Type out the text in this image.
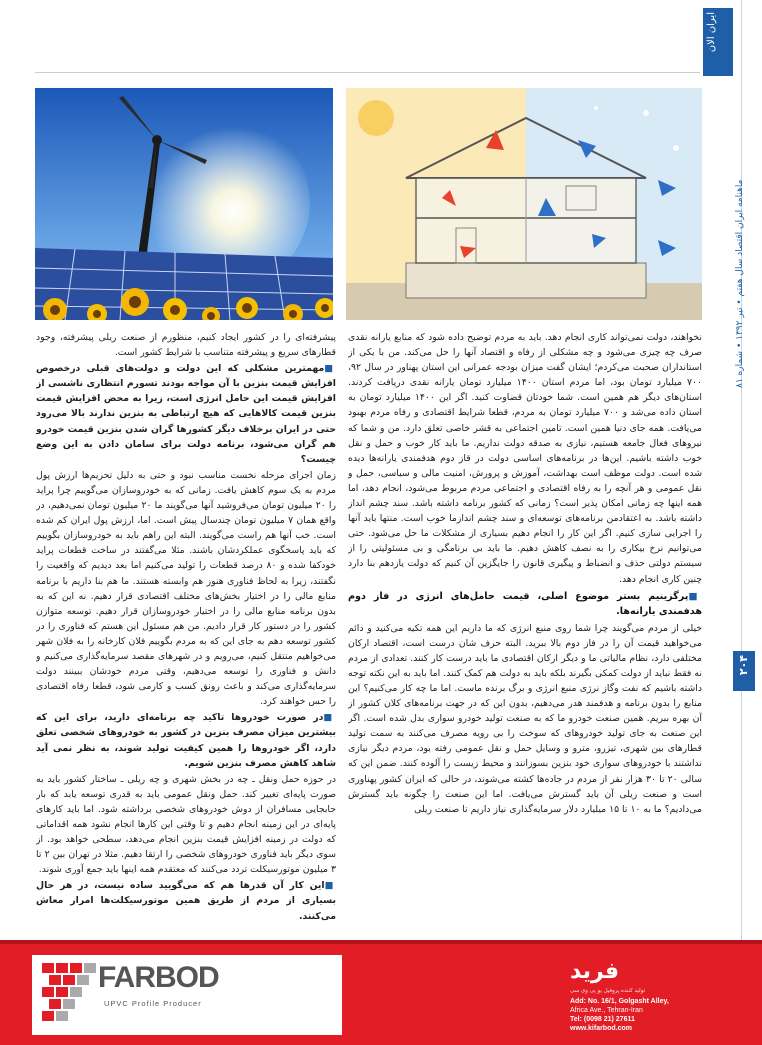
ایران الان
ماهنامه ایران اقتصاد سال هفتم • تیر ۱۳۹۲ • شماره ۸۱
۲۰۴

نخواهند، دولت نمی‌تواند کاری انجام دهد. باید به مردم توضیح داده شود که منابع یارانه نقدی صرف چه چیزی می‌شود و چه مشکلی از رفاه و اقتصاد آنها را حل می‌کند. من با یکی از استانداران صحبت می‌کردم؛ ایشان گفت میزان بودجه عمرانی این استان پهناور در سال ۹۲، ۷۰۰ میلیارد تومان بود، اما مردم استان ۱۴۰۰ میلیارد تومان یارانه نقدی دریافت کردند. استان‌های دیگر هم همین است. شما خودتان قضاوت کنید. اگر این ۱۴۰۰ میلیارد تومان به استان داده می‌شد و ۷۰۰ میلیارد تومان به مردم، قطعا شرایط اقتصادی و رفاه مردم بهبود می‌یافت. همه جای دنیا همین است. تامین اجتماعی به قشر خاصی تعلق دارد. من و شما که نیروهای فعال جامعه هستیم، نیازی به صدقه دولت نداریم. ما باید کار خوب و حمل و نقل خوب داشته باشیم. این‌ها در برنامه‌های اساسی دولت در قاز دوم هدفمندی یارانه‌ها دیده شده است. دولت موظف است بهداشت، آموزش و پرورش، امنیت مالی و سیاسی، حمل و نقل عمومی و هر آنچه را به رفاه اقتصادی و اجتماعی مردم مربوط می‌شود، انجام دهد، اما همه اینها چه زمانی امکان پذیر است؟ زمانی که کشور برنامه داشته باشد. سند چشم انداز داشته باشد. به اعتقادمن برنامه‌های توسعه‌ای و سند چشم اندازما خوب است. منتها باید آنها را اجرایی سازی کنیم. اگر این کار را انجام دهیم بسیاری از مشکلات ما حل می‌شود. حتی می‌توانیم نرخ بیکاری را به نصف کاهش دهیم. ما باید بی برنامگی و بی مسئولیتی را از سیستم دولتی حذف و انضباط و پیگیری قانون را جایگزین آن کنیم که دولت یازدهم بنا دارد چنین کاری انجام دهد.

■پرگزینیم بستر موضوع اصلی، قیمت حامل‌های انرژی در فاز دوم هدفمندی یارانه‌ها.

خیلی از مردم می‌گویند چرا شما روی منبع انرژی که ما داریم این همه تکیه می‌کنید و دائم می‌خواهید قیمت آن را در فاز دوم بالا ببرید. البته حرف شان درست است، اقتصاد ارکان مختلفی دارد، نظام مالیاتی ما و دیگر ارکان اقتصادی ما باید درست کار کنند. تعدادی از مردم نه فقط نباید از دولت کمکی بگیرند بلکه باید به دولت هم کمک کنند. اما باید به این نکته توجه داشته باشیم که نفت وگاز نرژی منبع انرژی و برگ برنده ماست. اما ما چه کار می‌کنیم؟ این منابع را بدون برنامه و هدفمند هدر می‌دهیم، بدون این که در جهت برنامه‌های کلان کشور از آن بهره ببریم. همین صنعت خودرو ما که به صنعت تولید خودرو سواری بدل شده است. اگر این صنعت به جای تولید خودروهای که سوخت را بی رویه مصرف می‌کنند به سمت تولید قطارهای بین شهری، تیزرو، مترو و وسایل حمل و نقل عمومی رفته بود، مردم دیگر نیازی نداشتند با خودروهای سواری خود بنزین بسوزانند و محیط زیست را آلوده کنند. ضمن این که سالی ۲۰ تا ۳۰ هزار نفر از مردم در جاده‌ها کشته می‌شوند، در حالی که ایران کشور پهناوری است و صنعت ریلی آن باید گسترش می‌یافت. اما این صنعت را چگونه باید گسترش می‌دادیم؟ ما به ۱۰ تا ۱۵ میلیارد دلار سرمایه‌گذاری نیاز داریم تا صنعت ریلی

پیشرفته‌ای را در کشور ایجاد کنیم، منظورم از صنعت ریلی پیشرفته، وجود قطارهای سریع و پیشرفته متناسب با شرایط کشور است.

■مهمترین مشکلی که این دولت و دولت‌های قبلی درخصوص افزایش قیمت بنزین با آن مواجه بودند تسورم انتظاری ناشسی از افزایش قیمت این حامل انرژی است، زیرا به محض افزایش قیمت بنزین قیمت کالاهایی که هیچ ارتباطی به بنزین ندارند بالا می‌رود حتی در ایران برخلاف دیگر کشورها گران شدن بنزین قیمت خودرو هم گران می‌شود، برنامه دولت برای سامان دادن به این وضع چیست؟

زمان اجرای مرحله نخست مناسب نبود و حتی به دلیل تحریم‌ها ارزش پول مردم به یک سوم کاهش یافت. زمانی که به خودروسازان می‌گوییم چرا پراید را ۲۰ میلیون تومان می‌فروشید آنها می‌گویند ما ۲۰ میلیون تومان نمی‌دهیم، در واقع همان ۷ میلیون تومان چندسال پیش است. اما، ارزش پول ایران کم شده است. خب آنها هم راست می‌گویند. البته این راهم باید به خودروسازان بگوییم که باید پاسخگوی عملکردشان باشند. مثلا می‌گفتند در ساخت قطعات پراید خودکفا شده و ۸۰ درصد قطعات را تولید می‌کنیم اما بعد دیدیم که واقعیت را نگفتند، زیرا به لحاظ فناوری هنوز هم وابسته هستند. ما هم بنا داریم با برنامه منابع مالی را در اختیار بخش‌های مختلف اقتصادی قرار دهیم. نه این که به بدون برنامه منابع مالی را در اختیار خودروسازان قرار دهیم. توسعه متوازن کشور را در دستور کار قرار دادیم. من هم مسئول این هستم که فناوری را در کشور توسعه دهم به جای این که به مردم بگوییم فلان کارخانه را به فلان شهر می‌خواهیم منتقل کنیم، می‌رویم و در شهرهای مقصد سرمایه‌گذاری می‌کنیم و دانش و فناوری را توسعه می‌دهیم، وقتی مردم خودشان ببینند دولت سرمایه‌گذاری می‌کند و باعث رونق کسب و کارمی شود، قطعا رفاه اقتصادی را حس خواهند کرد.

■در صورت خودروها تاکید چه برنامه‌ای دارید، برای این که بیشترین میزان مصرف بنزین در کشور به خودروهای شخصی تعلق دارد، اگر خودروها را همین کیفیت تولید شوند، به نظر نمی آید شاهد کاهش مصرف بنزین شویم.

در حوزه حمل ونقل ـ چه در بخش شهری و چه ریلی ـ ساختار کشور باید به صورت پایه‌ای تغییر کند. حمل ونقل عمومی باید به قدری توسعه یابد که بار جابجایی مسافران از دوش خودروهای شخصی برداشته شود. اما باید کارهای پایه‌ای در این زمینه انجام دهیم و تا وقتی این کارها انجام نشود همه اقداماتی که دولت در زمینه افزایش قیمت بنزین انجام می‌دهد، سطحی خواهد بود. از سوی دیگر باید فناوری خودروهای شخصی را ارتقا دهیم. مثلا در تهران بین ۲ تا ۳ میلیون موتورسیکلت تردد می‌کنند که معتقدم همه اینها باید جمع آوری شوند.

■این کار آن قدرها هم که می‌گویید ساده نیست، در هر حال بسیاری از مردم از طریق همین موتورسیکلت‌ها امرار معاش می‌کنند.

FARBOD
UPVC Profile Producer
فرید
تولید کننده پروفیل یو پی وی سی
Add: No. 16/1, Golgasht Alley,
Africa Ave., Tehran-Iran
Tel: (0098 21) 27611
www.kifarbod.com
